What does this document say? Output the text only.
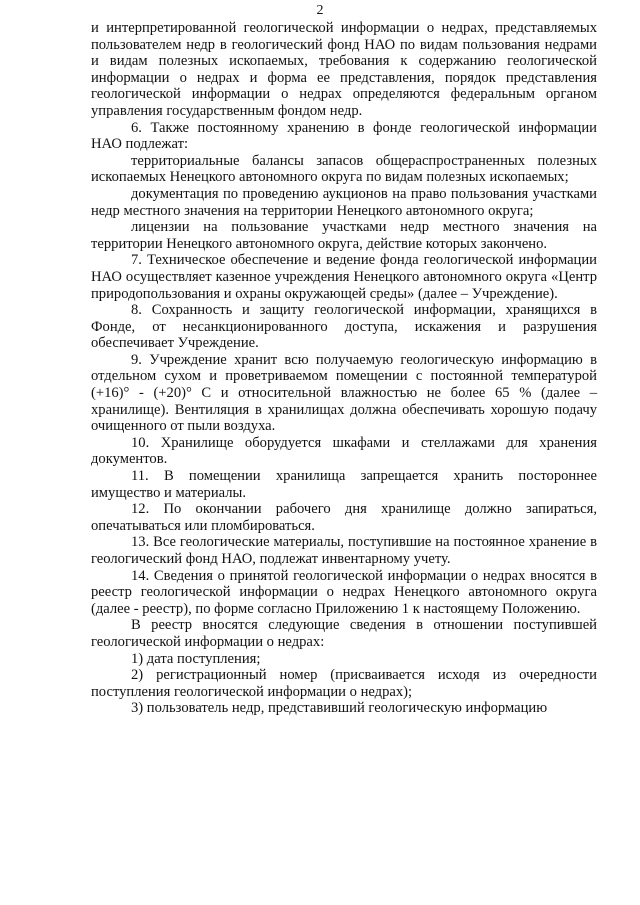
2

и интерпретированной геологической информации о недрах, представляемых пользователем недр в геологический фонд НАО по видам пользования недрами и видам полезных ископаемых, требования к содержанию геологической информации о недрах и форма ее представления, порядок представления геологической информации о недрах определяются федеральным органом управления государственным фондом недр.

6. Также постоянному хранению в фонде геологической информации НАО подлежат:

территориальные балансы запасов общераспространенных полезных ископаемых Ненецкого автономного округа по видам полезных ископаемых;

документация по проведению аукционов на право пользования участками недр местного значения на территории Ненецкого автономного округа;

лицензии на пользование участками недр местного значения на территории Ненецкого автономного округа, действие которых закончено.

7. Техническое обеспечение и ведение фонда геологической информации НАО осуществляет казенное учреждения Ненецкого автономного округа «Центр природопользования и охраны окружающей среды» (далее – Учреждение).

8. Сохранность и защиту геологической информации, хранящихся в Фонде, от несанкционированного доступа, искажения и разрушения обеспечивает Учреждение.

9. Учреждение хранит всю получаемую геологическую информацию в отдельном сухом и проветриваемом помещении с постоянной температурой (+16)° - (+20)° С и относительной влажностью не более 65 % (далее – хранилище). Вентиляция в хранилищах должна обеспечивать хорошую подачу очищенного от пыли воздуха.

10. Хранилище оборудуется шкафами и стеллажами для хранения документов.

11. В помещении хранилища запрещается хранить постороннее имущество и материалы.

12. По окончании рабочего дня хранилище должно запираться, опечатываться или пломбироваться.

13. Все геологические материалы, поступившие на постоянное хранение в геологический фонд НАО, подлежат инвентарному учету.

14. Сведения о принятой геологической информации о недрах вносятся в реестр геологической информации о недрах Ненецкого автономного округа (далее - реестр), по форме согласно Приложению 1 к настоящему Положению.

В реестр вносятся следующие сведения в отношении поступившей геологической информации о недрах:

1) дата поступления;

2) регистрационный номер (присваивается исходя из очередности поступления геологической информации о недрах);

3) пользователь недр, представивший геологическую информацию
